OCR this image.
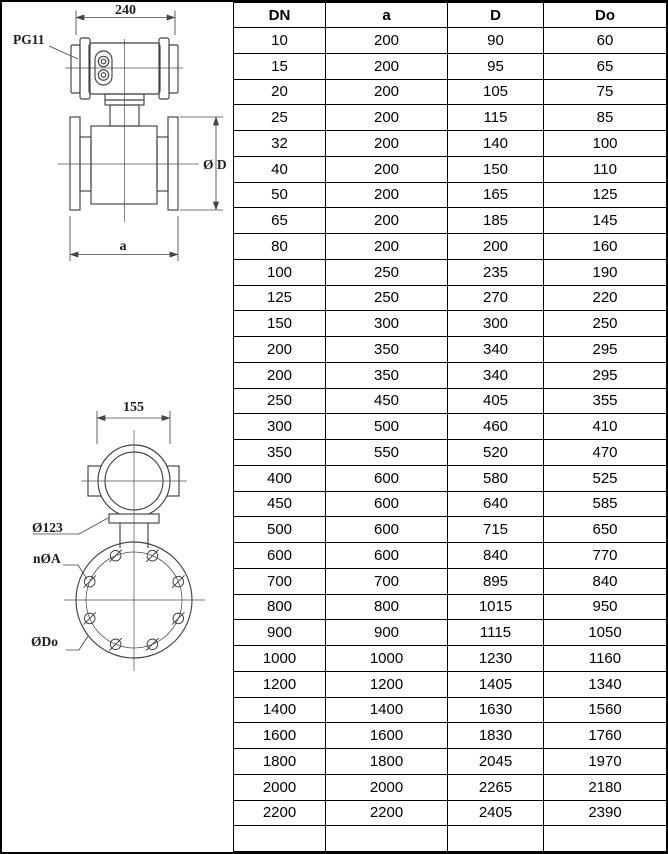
240
PG11
Ø D
a
155
Ø123
nØA
ØDo
DN	a	D	Do
10	200	90	60
15	200	95	65
20	200	105	75
25	200	115	85
32	200	140	100
40	200	150	110
50	200	165	125
65	200	185	145
80	200	200	160
100	250	235	190
125	250	270	220
150	300	300	250
200	350	340	295
200	350	340	295
250	450	405	355
300	500	460	410
350	550	520	470
400	600	580	525
450	600	640	585
500	600	715	650
600	600	840	770
700	700	895	840
800	800	1015	950
900	900	1115	1050
1000	1000	1230	1160
1200	1200	1405	1340
1400	1400	1630	1560
1600	1600	1830	1760
1800	1800	2045	1970
2000	2000	2265	2180
2200	2200	2405	2390
